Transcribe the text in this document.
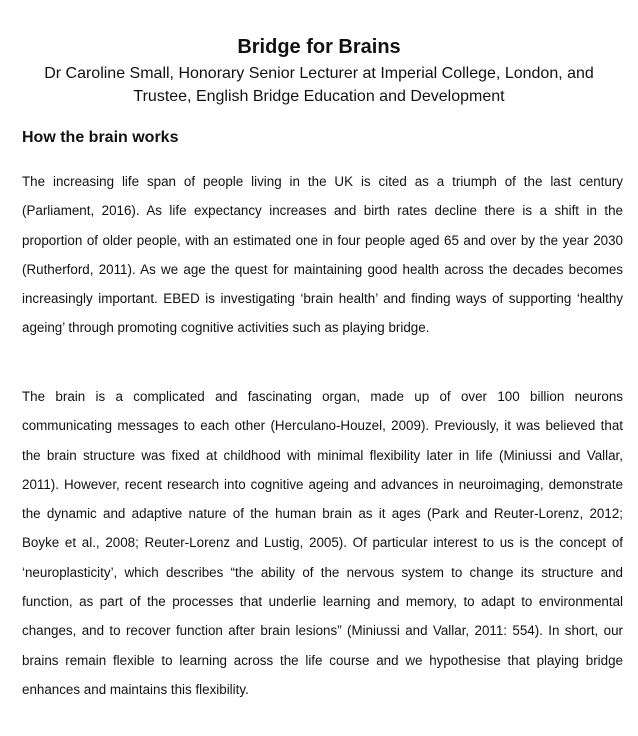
Bridge for Brains

Dr Caroline Small, Honorary Senior Lecturer at Imperial College, London, and Trustee, English Bridge Education and Development

How the brain works

The increasing life span of people living in the UK is cited as a triumph of the last century (Parliament, 2016). As life expectancy increases and birth rates decline there is a shift in the proportion of older people, with an estimated one in four people aged 65 and over by the year 2030 (Rutherford, 2011). As we age the quest for maintaining good health across the decades becomes increasingly important. EBED is investigating ‘brain health’ and finding ways of supporting ‘healthy ageing’ through promoting cognitive activities such as playing bridge.

The brain is a complicated and fascinating organ, made up of over 100 billion neurons communicating messages to each other (Herculano-Houzel, 2009). Previously, it was believed that the brain structure was fixed at childhood with minimal flexibility later in life (Miniussi and Vallar, 2011). However, recent research into cognitive ageing and advances in neuroimaging, demonstrate the dynamic and adaptive nature of the human brain as it ages (Park and Reuter-Lorenz, 2012; Boyke et al., 2008; Reuter-Lorenz and Lustig, 2005). Of particular interest to us is the concept of ‘neuroplasticity’, which describes “the ability of the nervous system to change its structure and function, as part of the processes that underlie learning and memory, to adapt to environmental changes, and to recover function after brain lesions” (Miniussi and Vallar, 2011: 554). In short, our brains remain flexible to learning across the life course and we hypothesise that playing bridge enhances and maintains this flexibility.
